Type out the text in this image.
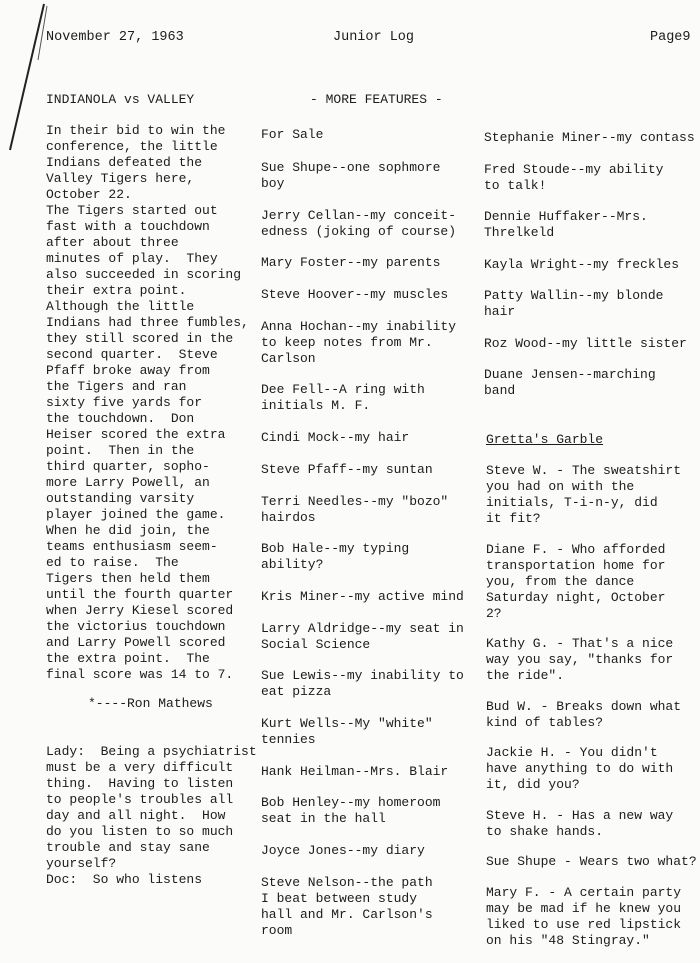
November 27, 1963	Junior Log	Page9
INDIANOLA vs VALLEY
In their bid to win the
conference, the little
Indians defeated the
Valley Tigers here,
October 22.
The Tigers started out
fast with a touchdown
after about three
minutes of play.  They
also succeeded in scoring
their extra point.
Although the little
Indians had three fumbles,
they still scored in the
second quarter.  Steve
Pfaff broke away from
the Tigers and ran
sixty five yards for
the touchdown.  Don
Heiser scored the extra
point.  Then in the
third quarter, sopho-
more Larry Powell, an
outstanding varsity
player joined the game.
When he did join, the
teams enthusiasm seem-
ed to raise.  The
Tigers then held them
until the fourth quarter
when Jerry Kiesel scored
the victorius touchdown
and Larry Powell scored
the extra point.  The
final score was 14 to 7.
*----Ron Mathews
Lady:  Being a psychiatrist
must be a very difficult
thing.  Having to listen
to people's troubles all
day and all night.  How
do you listen to so much
trouble and stay sane
yourself?
Doc:  So who listens
- MORE FEATURES -
For Sale
Sue Shupe--one sophmore
boy
Jerry Cellan--my conceit-
edness (joking of course)
Mary Foster--my parents
Steve Hoover--my muscles
Anna Hochan--my inability
to keep notes from Mr.
Carlson
Dee Fell--A ring with
initials M. F.
Cindi Mock--my hair
Steve Pfaff--my suntan
Terri Needles--my "bozo"
hairdos
Bob Hale--my typing
ability?
Kris Miner--my active mind
Larry Aldridge--my seat in
Social Science
Sue Lewis--my inability to
eat pizza
Kurt Wells--My "white"
tennies
Hank Heilman--Mrs. Blair
Bob Henley--my homeroom
seat in the hall
Joyce Jones--my diary
Steve Nelson--the path
I beat between study
hall and Mr. Carlson's
room
Stephanie Miner--my contass
Fred Stoude--my ability
to talk!
Dennie Huffaker--Mrs.
Threlkeld
Kayla Wright--my freckles
Patty Wallin--my blonde
hair
Roz Wood--my little sister
Duane Jensen--marching
band
Gretta's Garble
Steve W. - The sweatshirt
you had on with the
initials, T-i-n-y, did
it fit?
Diane F. - Who afforded
transportation home for
you, from the dance
Saturday night, October
2?
Kathy G. - That's a nice
way you say, "thanks for
the ride".
Bud W. - Breaks down what
kind of tables?
Jackie H. - You didn't
have anything to do with
it, did you?
Steve H. - Has a new way
to shake hands.
Sue Shupe - Wears two what?
Mary F. - A certain party
may be mad if he knew you
liked to use red lipstick
on his "48 Stingray."
